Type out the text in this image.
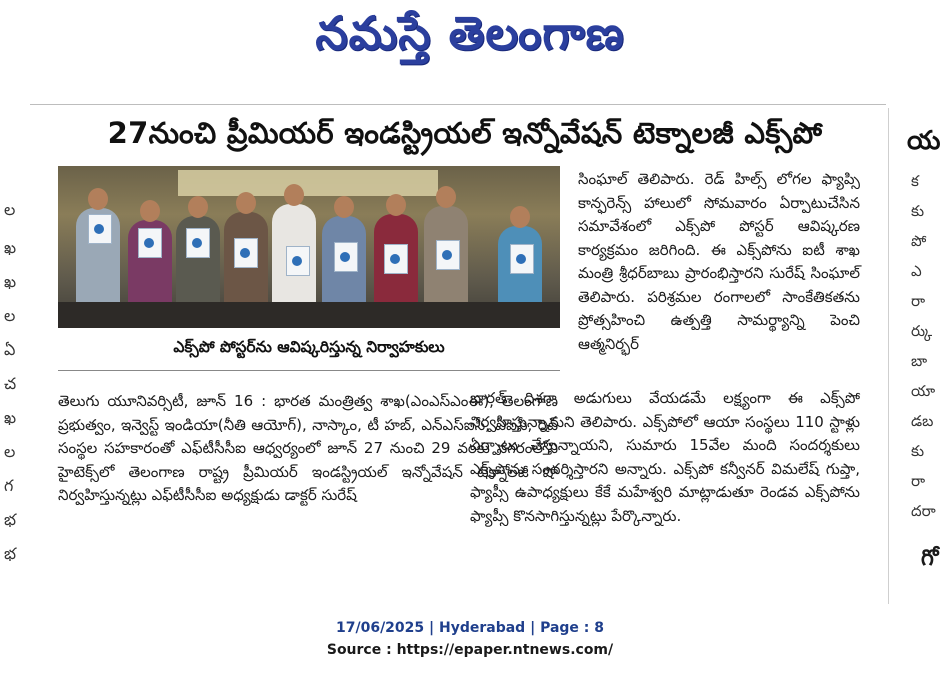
నమస్తే తెలంగాణ
ల
ఖ
ఖ
ల
ఏ
చ
ఖ
ల
గ
భ
భ
య
క
కు
పో
ఎ
రా
ర్కు
బా
యా
డబ
కు
రా
దరా
గో
27నుంచి ప్రీమియర్ ఇండస్ట్రియల్ ఇన్నోవేషన్ టెక్నాలజీ ఎక్స్‌పో
ఎక్స్‌పో పోస్టర్‌ను ఆవిష్కరిస్తున్న నిర్వాహకులు

తెలుగు యూనివర్సిటీ, జూన్ 16 : భారత మంత్రిత్వ శాఖ(ఎంఎస్‌ఎంఈ), తెలంగాణ ప్రభుత్వం, ఇన్వెస్ట్ ఇండియా(నీతి ఆయోగ్), నాస్కాం, టీ హబ్, ఎన్‌ఎస్‌ఐసీ, ఏఐసీ, రిచ్ సంస్థల సహకారంతో ఎఫ్‌టీసీసీఐ ఆధ్వర్యంలో జూన్ 27 నుంచి 29 వరకు నగరంలోని హైటెక్స్‌లో తెలంగాణ రాష్ట్ర ప్రీమియర్ ఇండస్ట్రియల్ ఇన్నోవేషన్ టెక్నాలజీ షో నిర్వహిస్తున్నట్లు ఎఫ్‌టీసీసీఐ అధ్యక్షుడు డాక్టర్ సురేష్

సింఘాల్ తెలిపారు. రెడ్ హిల్స్ లోగల ఫ్యాప్సి కాన్ఫరెన్స్ హాలులో సోమవారం ఏర్పాటుచేసిన సమావేశంలో ఎక్స్‌పో పోస్టర్ ఆవిష్కరణ కార్యక్రమం జరిగింది. ఈ ఎక్స్‌పోను ఐటీ శాఖ మంత్రి శ్రీధర్‌బాబు ప్రారంభిస్తారని సురేష్ సింఘాల్ తెలిపారు. పరిశ్రమల రంగాలలో సాంకేతికతను ప్రోత్సహించి ఉత్పత్తి సామర్థ్యాన్ని పెంచి ఆత్మనిర్భర్

భారత్ దిశగా అడుగులు వేయడమే లక్ష్యంగా ఈ ఎక్స్‌పో నిర్వహిస్తున్నామని తెలిపారు. ఎక్స్‌పోలో ఆయా సంస్థలు 110 స్టాళ్లు ఏర్పాటు చేస్తున్నాయని, సుమారు 15వేల మంది సందర్శకులు ఎక్స్‌పోను సందర్శిస్తారని అన్నారు. ఎక్స్‌పో కన్వీనర్ విమలేష్ గుప్తా, ఫ్యాప్సీ ఉపాధ్యక్షులు కేకే మహేశ్వరి మాట్లాడుతూ రెండవ ఎక్స్‌పోను ఫ్యాప్సీ కొనసాగిస్తున్నట్లు పేర్కొన్నారు.

17/06/2025 | Hyderabad | Page : 8
Source : https://epaper.ntnews.com/
